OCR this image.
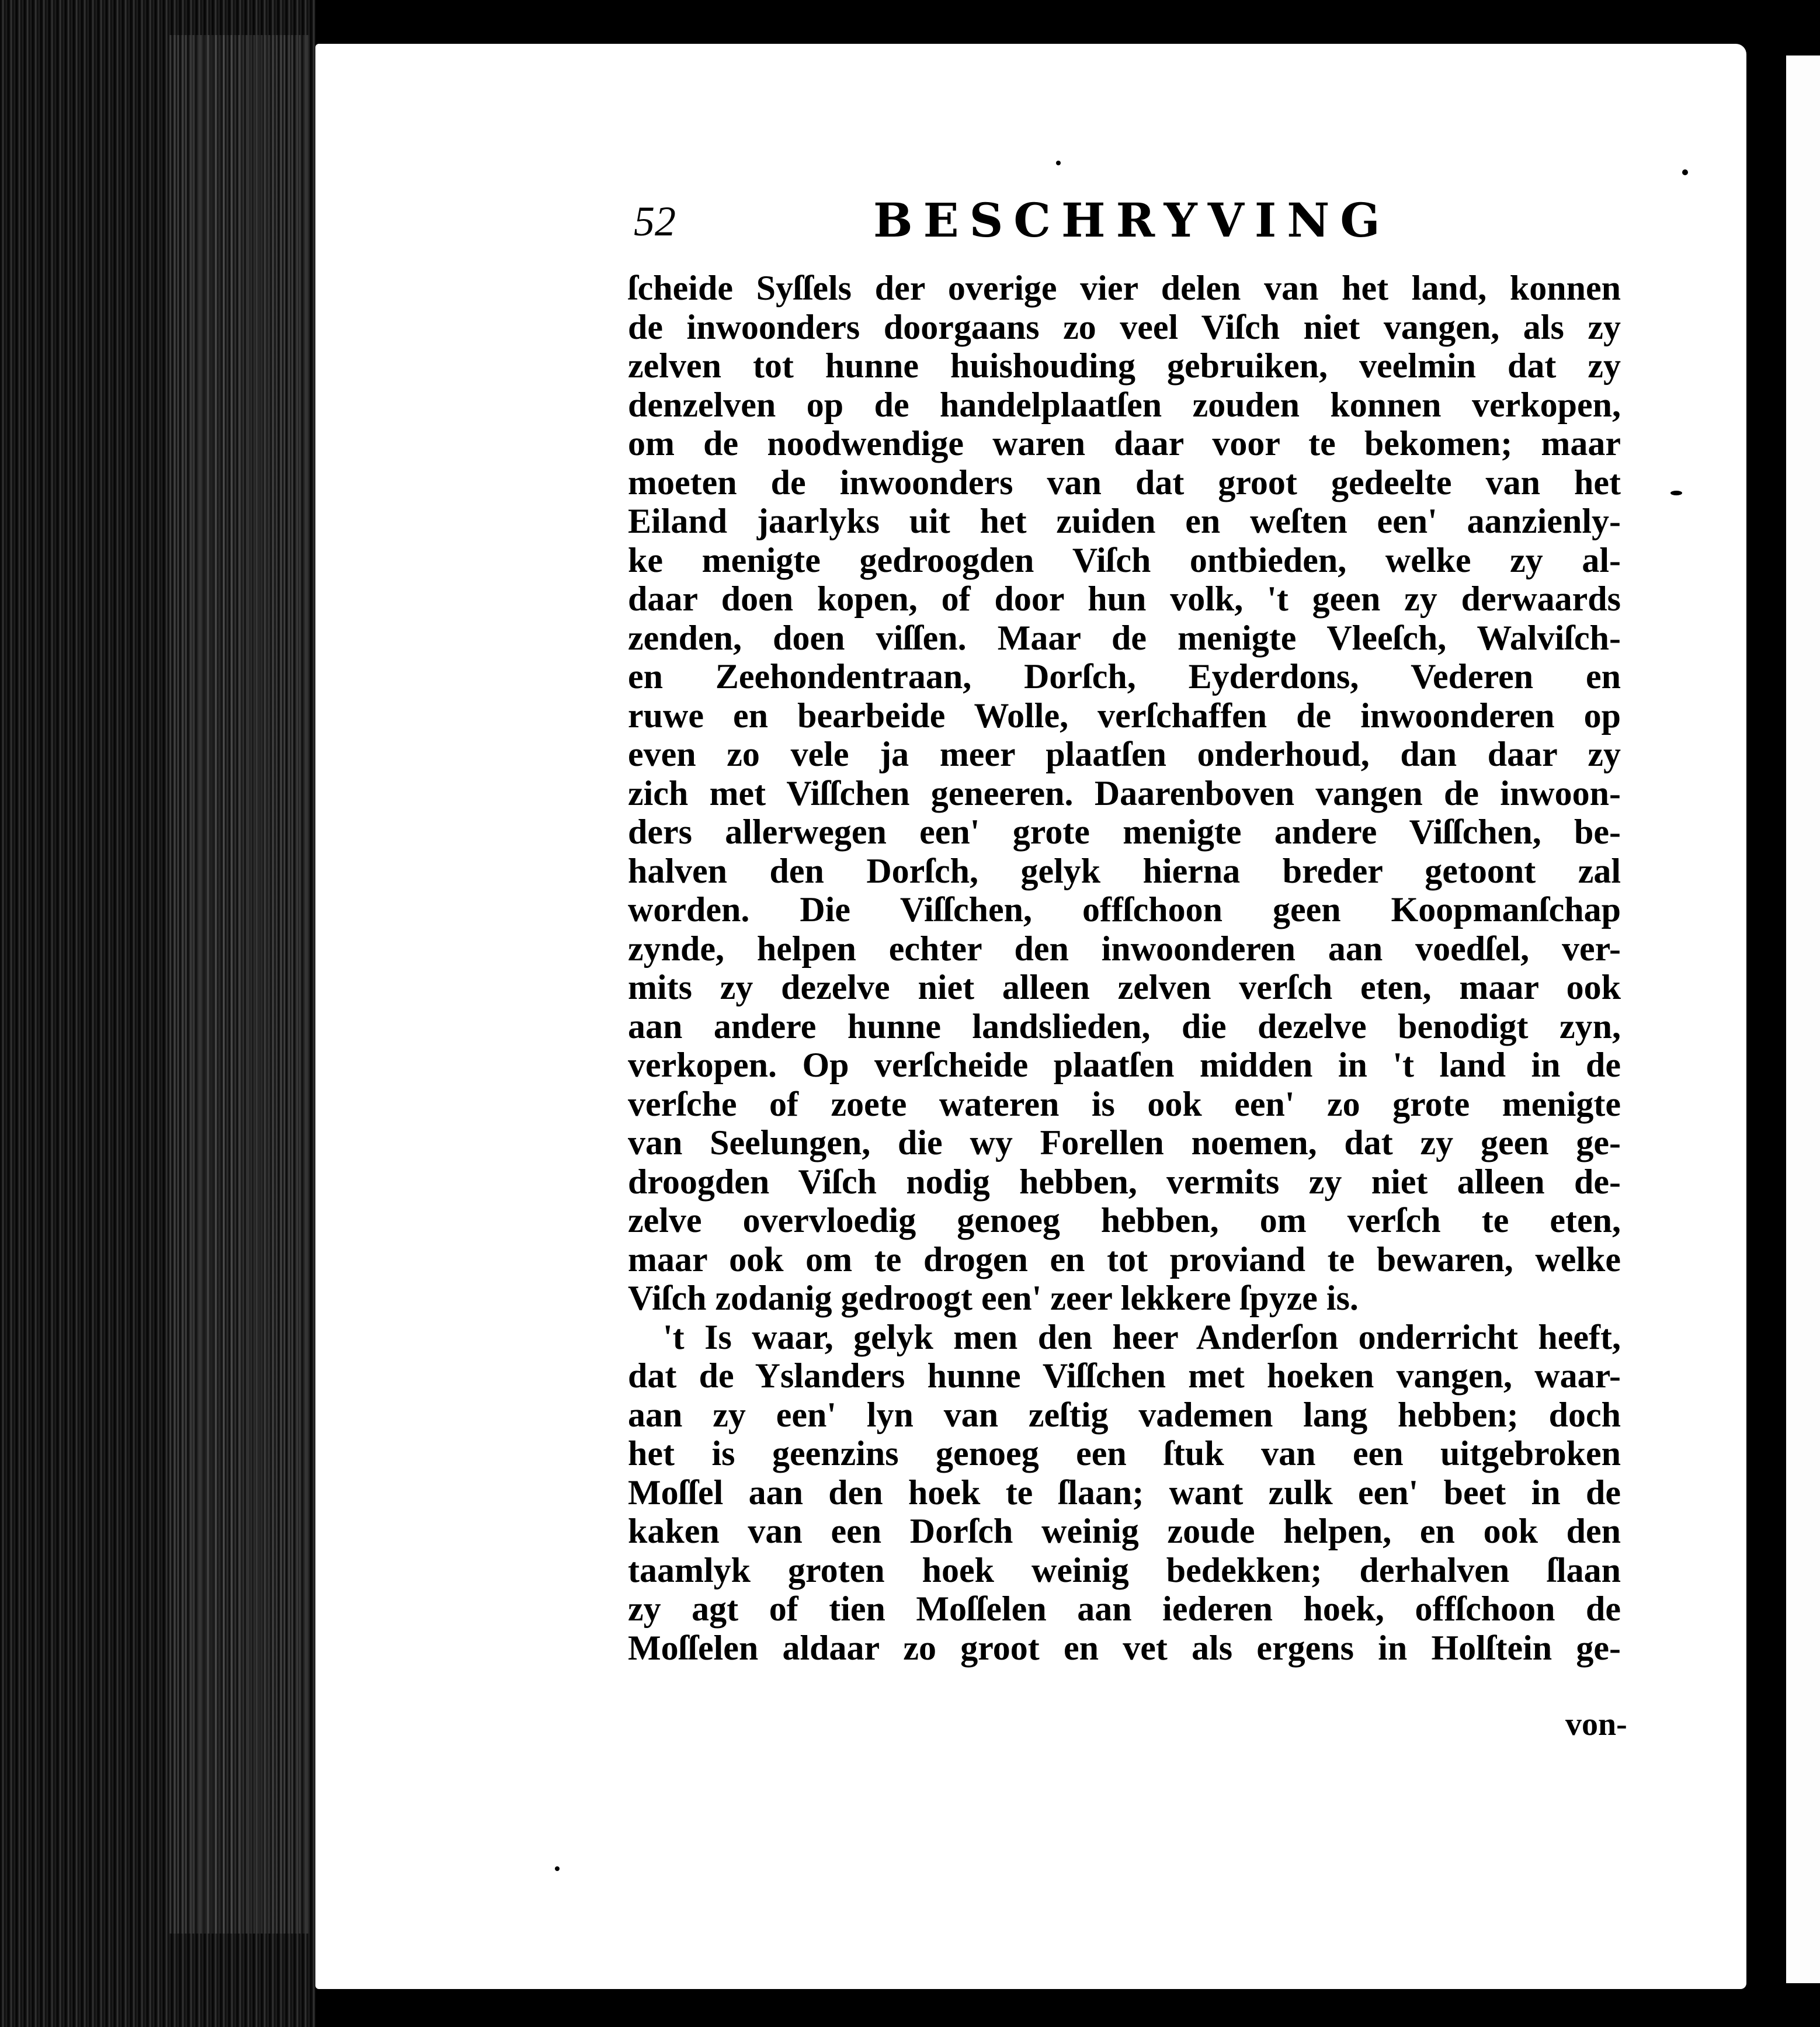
52	BESCHRYVING
ſcheide Syſſels der overige vier delen van het land, konnen
de inwoonders doorgaans zo veel Viſch niet vangen, als zy
zelven tot hunne huishouding gebruiken, veelmin dat zy
denzelven op de handelplaatſen zouden konnen verkopen,
om de noodwendige waren daar voor te bekomen; maar
moeten de inwoonders van dat groot gedeelte van het
Eiland jaarlyks uit het zuiden en weſten een' aanzienly-
ke menigte gedroogden Viſch ontbieden, welke zy al-
daar doen kopen, of door hun volk, 't geen zy derwaards
zenden, doen viſſen. Maar de menigte Vleeſch, Walviſch-
en Zeehondentraan, Dorſch, Eyderdons, Vederen en
ruwe en bearbeide Wolle, verſchaffen de inwoonderen op
even zo vele ja meer plaatſen onderhoud, dan daar zy
zich met Viſſchen geneeren. Daarenboven vangen de inwoon-
ders allerwegen een' grote menigte andere Viſſchen, be-
halven den Dorſch, gelyk hierna breder getoont zal
worden. Die Viſſchen, offſchoon geen Koopmanſchap
zynde, helpen echter den inwoonderen aan voedſel, ver-
mits zy dezelve niet alleen zelven verſch eten, maar ook
aan andere hunne landslieden, die dezelve benodigt zyn,
verkopen. Op verſcheide plaatſen midden in 't land in de
verſche of zoete wateren is ook een' zo grote menigte
van Seelungen, die wy Forellen noemen, dat zy geen ge-
droogden Viſch nodig hebben, vermits zy niet alleen de-
zelve overvloedig genoeg hebben, om verſch te eten,
maar ook om te drogen en tot proviand te bewaren, welke
Viſch zodanig gedroogt een' zeer lekkere ſpyze is.
't Is waar, gelyk men den heer Anderſon onderricht heeft,
dat de Yslanders hunne Viſſchen met hoeken vangen, waar-
aan zy een' lyn van zeſtig vademen lang hebben; doch
het is geenzins genoeg een ſtuk van een uitgebroken
Moſſel aan den hoek te ſlaan; want zulk een' beet in de
kaken van een Dorſch weinig zoude helpen, en ook den
taamlyk groten hoek weinig bedekken; derhalven ſlaan
zy agt of tien Moſſelen aan iederen hoek, offſchoon de
Moſſelen aldaar zo groot en vet als ergens in Holſtein ge-
von-
